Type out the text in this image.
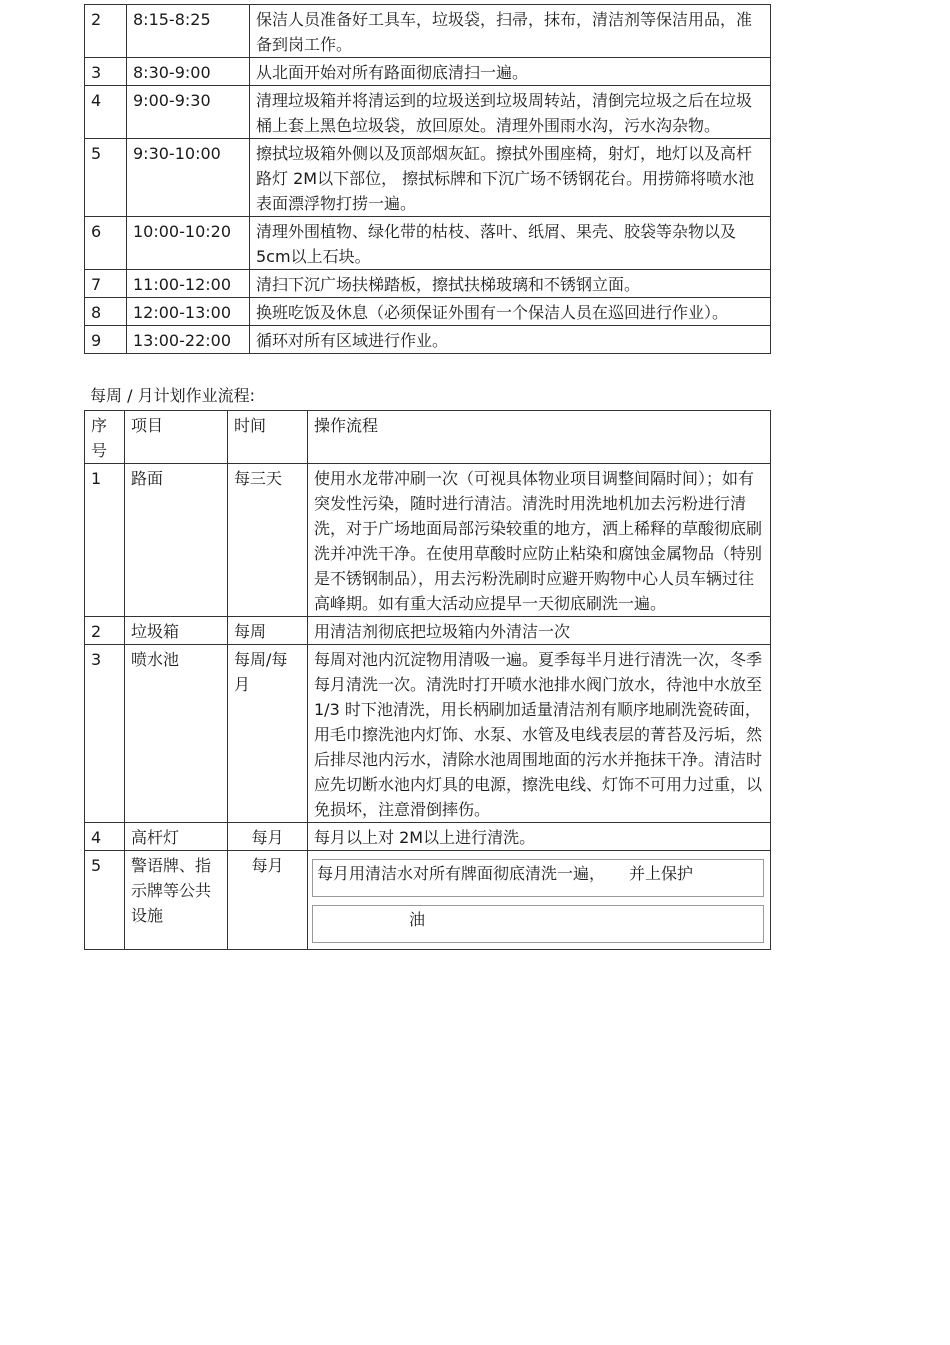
2	8:15-8:25	保洁人员准备好工具车，垃圾袋，扫帚，抹布，清洁剂等保洁用品，准备到岗工作。
3	8:30-9:00	从北面开始对所有路面彻底清扫一遍。
4	9:00-9:30	清理垃圾箱并将清运到的垃圾送到垃圾周转站，清倒完垃圾之后在垃圾桶上套上黑色垃圾袋，放回原处。清理外围雨水沟，污水沟杂物。
5	9:30-10:00	擦拭垃圾箱外侧以及顶部烟灰缸。擦拭外围座椅，射灯，地灯以及高杆路灯 2M以下部位， 擦拭标牌和下沉广场不锈钢花台。用捞筛将喷水池表面漂浮物打捞一遍。
6	10:00-10:20	清理外围植物、绿化带的枯枝、落叶、纸屑、果壳、胶袋等杂物以及 5cm以上石块。
7	11:00-12:00	清扫下沉广场扶梯踏板，擦拭扶梯玻璃和不锈钢立面。
8	12:00-13:00	换班吃饭及休息（必须保证外围有一个保洁人员在巡回进行作业）。
9	13:00-22:00	循环对所有区域进行作业。
每周 / 月计划作业流程:
序号	项目	时间	操作流程
1	路面	每三天	使用水龙带冲刷一次（可视具体物业项目调整间隔时间）；如有突发性污染，随时进行清洁。清洗时用洗地机加去污粉进行清洗，对于广场地面局部污染较重的地方，洒上稀释的草酸彻底刷洗并冲洗干净。在使用草酸时应防止粘染和腐蚀金属物品（特别是不锈钢制品），用去污粉洗刷时应避开购物中心人员车辆过往高峰期。如有重大活动应提早一天彻底刷洗一遍。
2	垃圾箱	每周	用清洁剂彻底把垃圾箱内外清洁一次
3	喷水池	每周/每月	每周对池内沉淀物用清吸一遍。夏季每半月进行清洗一次，冬季每月清洗一次。清洗时打开喷水池排水阀门放水，待池中水放至 1/3 时下池清洗，用长柄刷加适量清洁剂有顺序地刷洗瓷砖面，用毛巾擦洗池内灯饰、水泵、水管及电线表层的菁苔及污垢，然后排尽池内污水，清除水池周围地面的污水并拖抹干净。清洁时应先切断水池内灯具的电源，擦洗电线、灯饰不可用力过重，以免损坏，注意滑倒摔伤。
4	高杆灯	每月	每月以上对 2M以上进行清洗。
5	警语牌、指示牌等公共设施	每月	每月用清洁水对所有牌面彻底清洗一遍，　　并上保护
油
